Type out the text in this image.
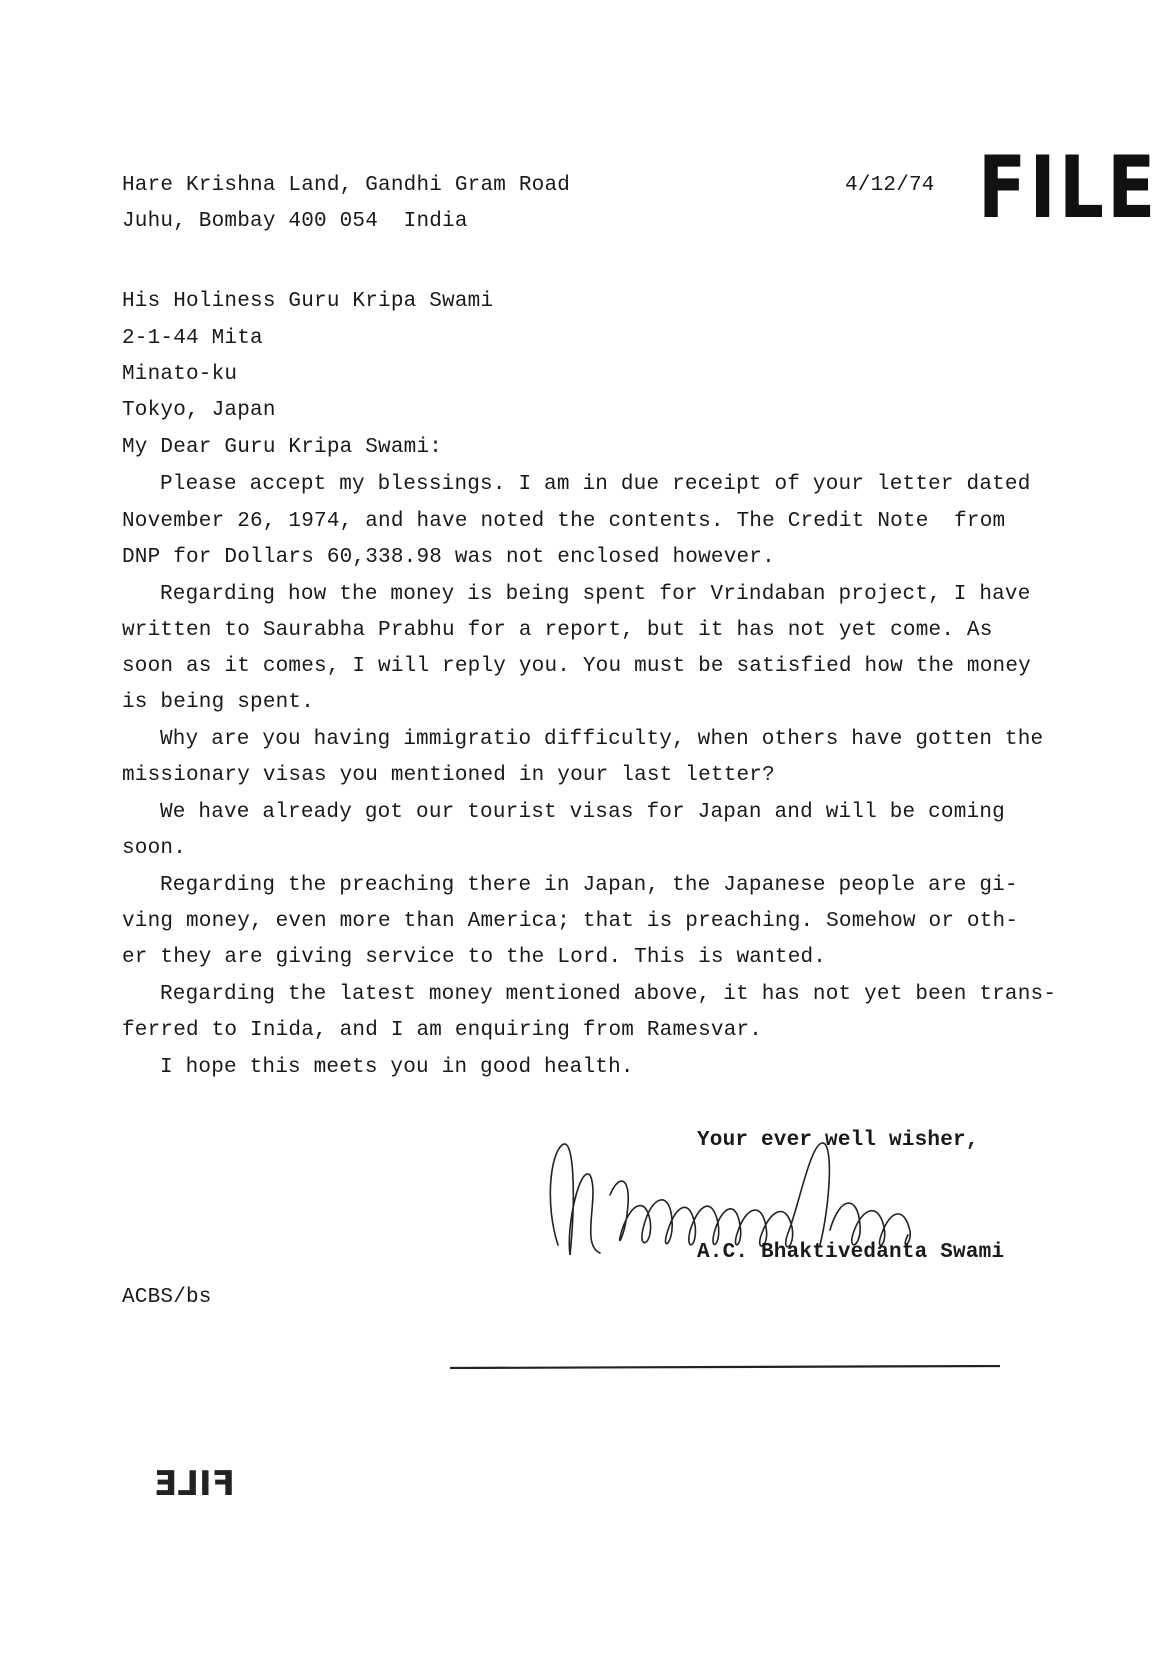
FILE
Hare Krishna Land, Gandhi Gram Road
Juhu, Bombay 400 054  India
4/12/74
His Holiness Guru Kripa Swami
2-1-44 Mita
Minato-ku
Tokyo, Japan
My Dear Guru Kripa Swami:
Please accept my blessings. I am in due receipt of your letter dated
November 26, 1974, and have noted the contents. The Credit Note  from
DNP for Dollars 60,338.98 was not enclosed however.
Regarding how the money is being spent for Vrindaban project, I have
written to Saurabha Prabhu for a report, but it has not yet come. As
soon as it comes, I will reply you. You must be satisfied how the money
is being spent.
Why are you having immigratio difficulty, when others have gotten the
missionary visas you mentioned in your last letter?
We have already got our tourist visas for Japan and will be coming
soon.
Regarding the preaching there in Japan, the Japanese people are gi-
ving money, even more than America; that is preaching. Somehow or oth-
er they are giving service to the Lord. This is wanted.
Regarding the latest money mentioned above, it has not yet been trans-
ferred to Inida, and I am enquiring from Ramesvar.
I hope this meets you in good health.
Your ever well wisher,
A.C. Bhaktivedanta Swami
ACBS/bs
FILE
